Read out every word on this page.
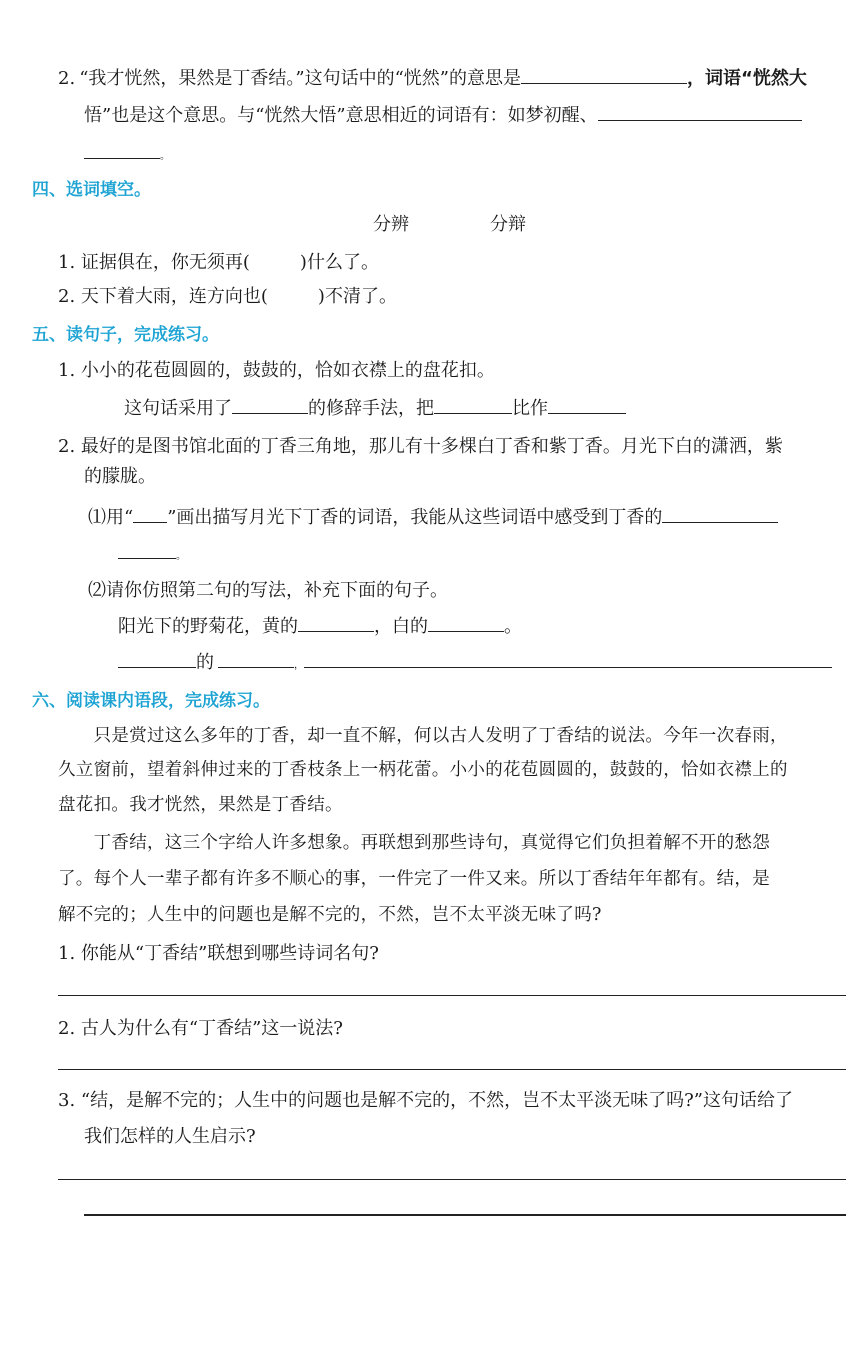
2. “我才恍然，果然是丁香结。”这句话中的“恍然”的意思是	，词语“恍然大
悟”也是这个意思。与“恍然大悟”意思相近的词语有：如梦初醒、
。
四、选词填空。
分辨	分辩
1. 证据俱在，你无须再(	)什么了。
2. 天下着大雨，连方向也(	)不清了。
五、读句子，完成练习。
1. 小小的花苞圆圆的，鼓鼓的，恰如衣襟上的盘花扣。
这句话采用了	的修辞手法，把	比作
2. 最好的是图书馆北面的丁香三角地，那儿有十多棵白丁香和紫丁香。月光下白的潇洒，紫
的朦胧。
⑴用“ ”画出描写月光下丁香的词语，我能从这些词语中感受到丁香的
。
⑵请你仿照第二句的写法，补充下面的句子。
阳光下的野菊花，黄的	，白的	。
的	，
六、阅读课内语段，完成练习。
　　只是赏过这么多年的丁香，却一直不解，何以古人发明了丁香结的说法。今年一次春雨，
久立窗前，望着斜伸过来的丁香枝条上一柄花蕾。小小的花苞圆圆的，鼓鼓的，恰如衣襟上的
盘花扣。我才恍然，果然是丁香结。
　　丁香结，这三个字给人许多想象。再联想到那些诗句，真觉得它们负担着解不开的愁怨
了。每个人一辈子都有许多不顺心的事，一件完了一件又来。所以丁香结年年都有。结，是
解不完的；人生中的问题也是解不完的，不然，岂不太平淡无味了吗?
1. 你能从“丁香结”联想到哪些诗词名句?
2. 古人为什么有“丁香结”这一说法?
3. “结，是解不完的；人生中的问题也是解不完的，不然，岂不太平淡无味了吗?”这句话给了
我们怎样的人生启示?
